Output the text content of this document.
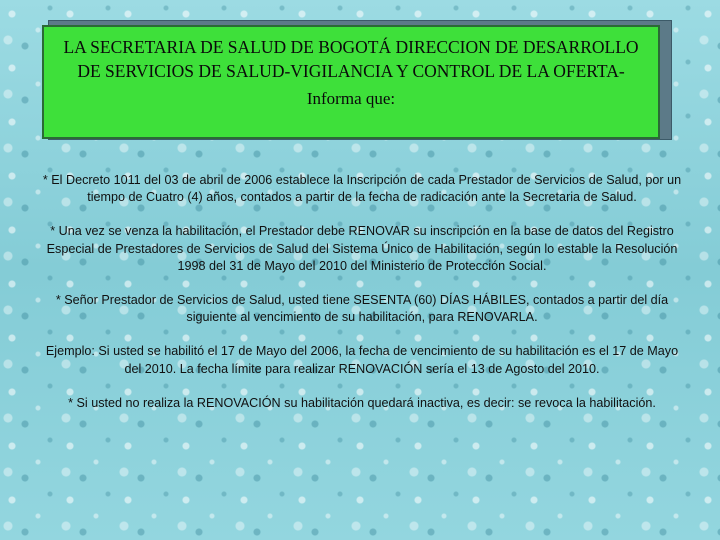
LA SECRETARIA DE SALUD DE BOGOTÁ DIRECCION DE DESARROLLO DE SERVICIOS DE SALUD-VIGILANCIA Y CONTROL DE LA OFERTA-
Informa que:

* El Decreto 1011 del 03 de abril de 2006 establece la Inscripción de cada Prestador de Servicios de Salud, por un tiempo de Cuatro (4) años, contados a partir de la fecha de radicación ante la Secretaria de Salud.

* Una vez se venza la habilitación, el Prestador debe RENOVAR su inscripción en la base de datos del Registro Especial de Prestadores de Servicios de Salud del Sistema Único de Habilitación, según lo estable la Resolución 1998 del 31 de Mayo del 2010 del Ministerio de Protección Social.

* Señor Prestador de Servicios de Salud, usted tiene SESENTA (60) DÍAS HÁBILES, contados a partir del día siguiente al vencimiento de su habilitación, para RENOVARLA.

Ejemplo: Si usted se habilitó el 17 de Mayo del 2006, la fecha de vencimiento de su habilitación es el 17 de Mayo del 2010. La fecha límite para realizar RENOVACIÓN sería el 13 de Agosto del 2010.

* Si usted no realiza la RENOVACIÓN su habilitación quedará inactiva, es decir: se revoca la habilitación.
